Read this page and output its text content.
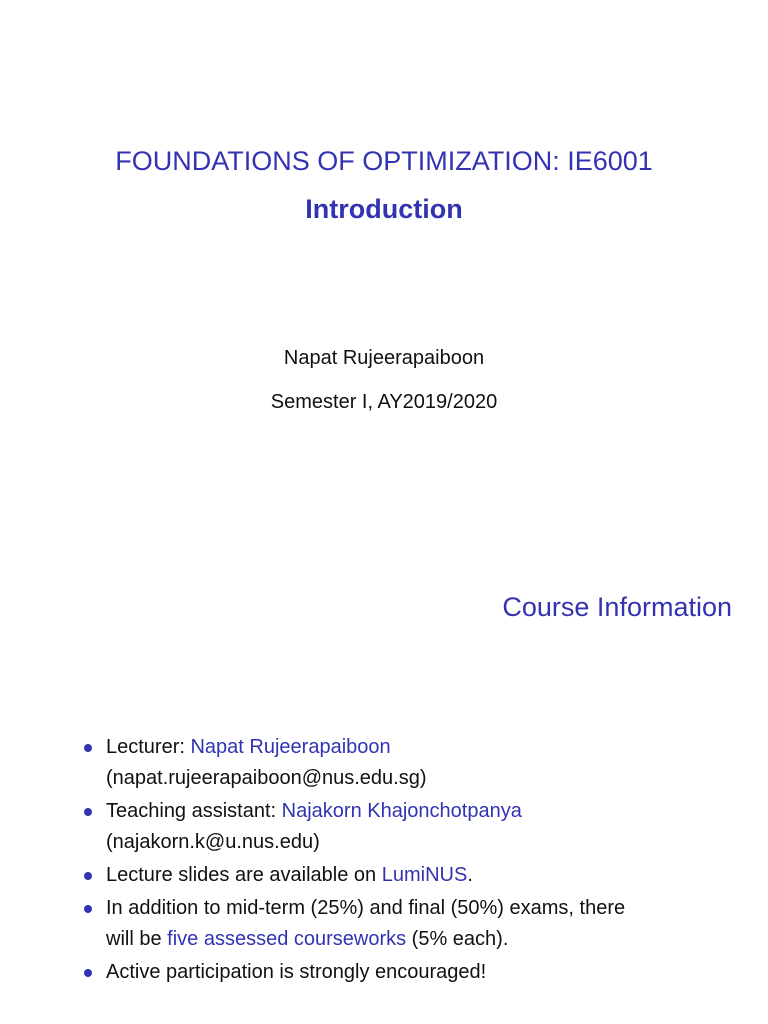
FOUNDATIONS OF OPTIMIZATION: IE6001
Introduction
Napat Rujeerapaiboon
Semester I, AY2019/2020
Course Information
Lecturer: Napat Rujeerapaiboon
(napat.rujeerapaiboon@nus.edu.sg)
Teaching assistant: Najakorn Khajonchotpanya
(najakorn.k@u.nus.edu)
Lecture slides are available on LumiNUS.
In addition to mid-term (25%) and final (50%) exams, there
will be five assessed courseworks (5% each).
Active participation is strongly encouraged!
